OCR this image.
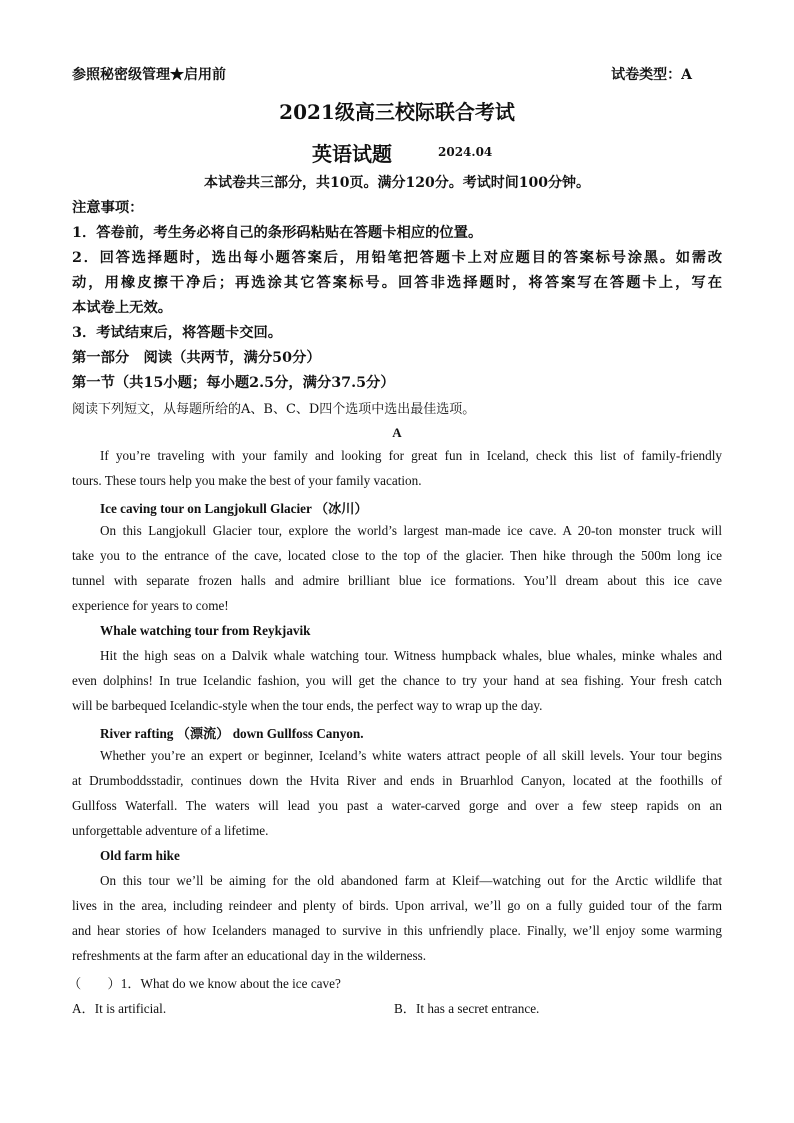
参照秘密级管理★启用前	试卷类型：A
2021级高三校际联合考试
英语试题	2024.04
本试卷共三部分，共10页。满分120分。考试时间100分钟。
注意事项：
1．答卷前，考生务必将自己的条形码粘贴在答题卡相应的位置。
2．回答选择题时，选出每小题答案后，用铅笔把答题卡上对应题目的答案标号涂黑。如需改
动，用橡皮擦干净后；再选涂其它答案标号。回答非选择题时，将答案写在答题卡上，写在
本试卷上无效。
3．考试结束后，将答题卡交回。
第一部分　阅读（共两节，满分50分）
第一节（共15小题；每小题2.5分，满分37.5分）
阅读下列短文，从每题所给的A、B、C、D四个选项中选出最佳选项。
A
If you’re traveling with your family and looking for great fun in Iceland, check this list of family-friendly
tours. These tours help you make the best of your family vacation.
Ice caving tour on Langjokull Glacier （冰川）
On this Langjokull Glacier tour, explore the world’s largest man-made ice cave. A 20-ton monster truck will
take you to the entrance of the cave, located close to the top of the glacier. Then hike through the 500m long ice
tunnel with separate frozen halls and admire brilliant blue ice formations. You’ll dream about this ice cave
experience for years to come!
Whale watching tour from Reykjavik
Hit the high seas on a Dalvik whale watching tour. Witness humpback whales, blue whales, minke whales and
even dolphins! In true Icelandic fashion, you will get the chance to try your hand at sea fishing. Your fresh catch
will be barbequed Icelandic-style when the tour ends, the perfect way to wrap up the day.
River rafting （漂流） down Gullfoss Canyon.
Whether you’re an expert or beginner, Iceland’s white waters attract people of all skill levels. Your tour begins
at Drumboddsstadir, continues down the Hvita River and ends in Bruarhlod Canyon, located at the foothills of
Gullfoss Waterfall. The waters will lead you past a water-carved gorge and over a few steep rapids on an
unforgettable adventure of a lifetime.
Old farm hike
On this tour we’ll be aiming for the old abandoned farm at Kleif—watching out for the Arctic wildlife that
lives in the area, including reindeer and plenty of birds. Upon arrival, we’ll go on a fully guided tour of the farm
and hear stories of how Icelanders managed to survive in this unfriendly place. Finally, we’ll enjoy some warming
refreshments at the farm after an educational day in the wilderness.
（　　）1．What do we know about the ice cave?
A．It is artificial.	B．It has a secret entrance.
